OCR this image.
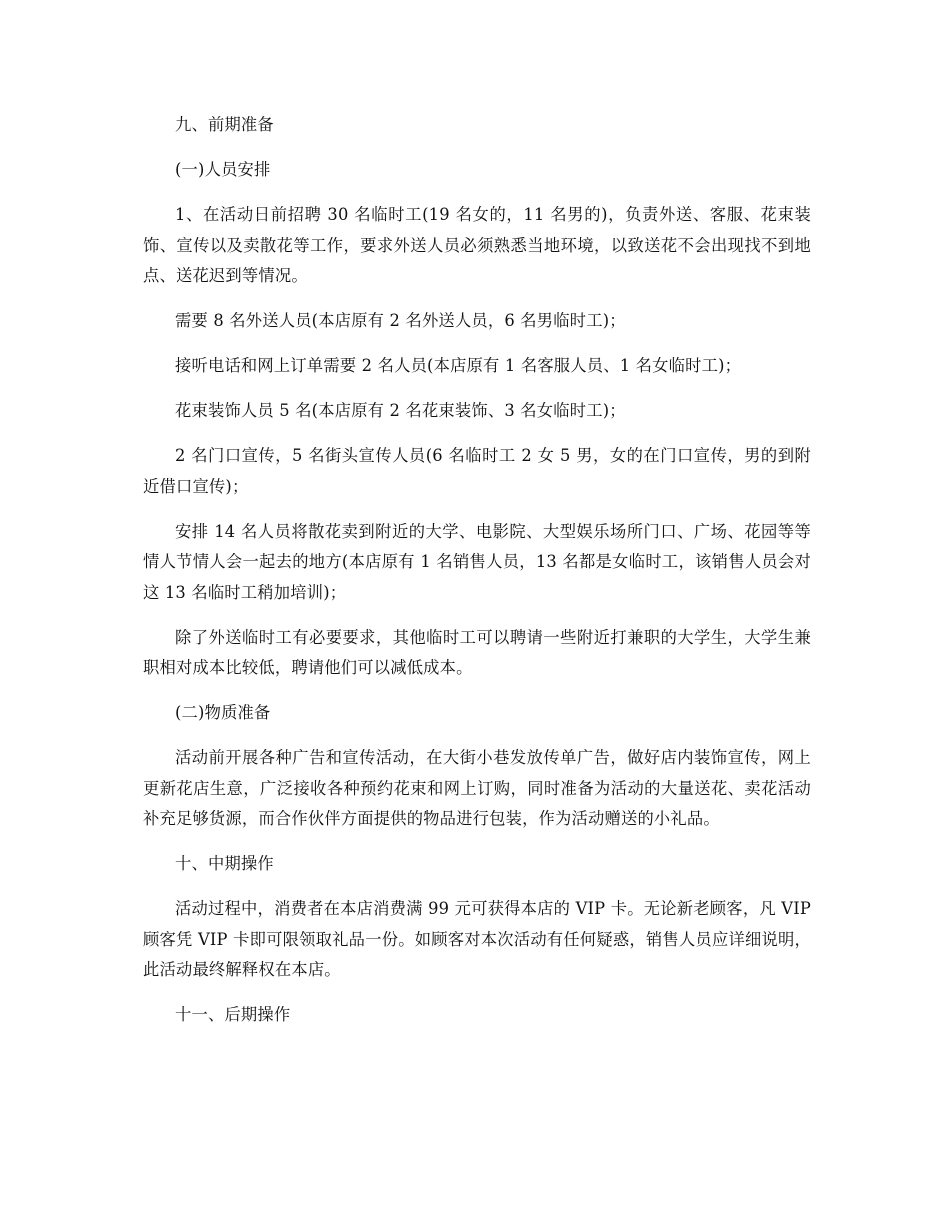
九、前期准备

(一)人员安排

1、在活动日前招聘 30 名临时工(19 名女的，11 名男的)，负责外送、客服、花束装饰、宣传以及卖散花等工作，要求外送人员必须熟悉当地环境，以致送花不会出现找不到地点、送花迟到等情况。

需要 8 名外送人员(本店原有 2 名外送人员，6 名男临时工)；

接听电话和网上订单需要 2 名人员(本店原有 1 名客服人员、1 名女临时工)；

花束装饰人员 5 名(本店原有 2 名花束装饰、3 名女临时工)；

2 名门口宣传，5 名街头宣传人员(6 名临时工 2 女 5 男，女的在门口宣传，男的到附近借口宣传)；

安排 14 名人员将散花卖到附近的大学、电影院、大型娱乐场所门口、广场、花园等等情人节情人会一起去的地方(本店原有 1 名销售人员，13 名都是女临时工，该销售人员会对这 13 名临时工稍加培训)；

除了外送临时工有必要要求，其他临时工可以聘请一些附近打兼职的大学生，大学生兼职相对成本比较低，聘请他们可以减低成本。

(二)物质准备

活动前开展各种广告和宣传活动，在大街小巷发放传单广告，做好店内装饰宣传，网上更新花店生意，广泛接收各种预约花束和网上订购，同时准备为活动的大量送花、卖花活动补充足够货源，而合作伙伴方面提供的物品进行包装，作为活动赠送的小礼品。

十、中期操作

活动过程中，消费者在本店消费满 99 元可获得本店的 VIP 卡。无论新老顾客，凡 VIP 顾客凭 VIP 卡即可限领取礼品一份。如顾客对本次活动有任何疑惑，销售人员应详细说明，此活动最终解释权在本店。

十一、后期操作
